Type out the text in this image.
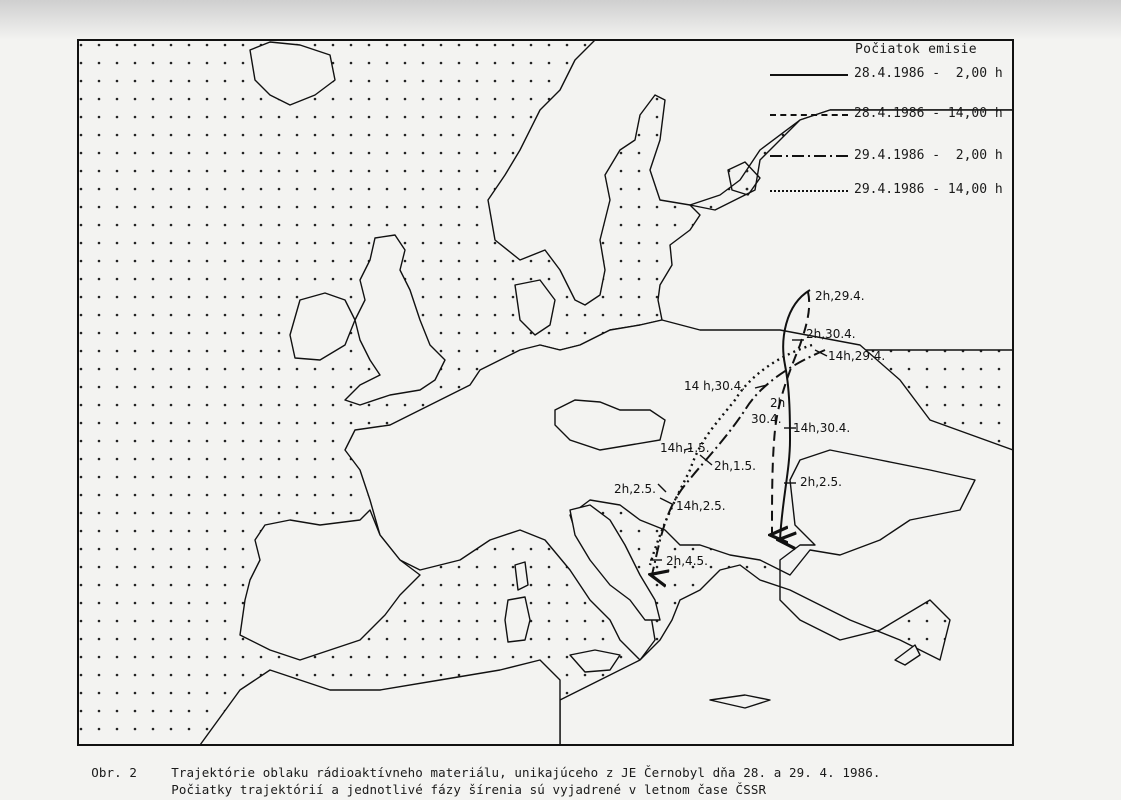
2h,29.4.
2h,30.4.
14h,29.4.
14 h,30.4.
2h
30.4.
14h,30.4.
14h,1.5.
2h,1.5.
2h,2.5.
14h,2.5.
2h,2.5.
2h,4.5.
Počiatok emisie
28.4.1986 -  2,00 h
28.4.1986 - 14,00 h
29.4.1986 -  2,00 h
29.4.1986 - 14,00 h

Obr. 2	Trajektórie oblaku rádioaktívneho materiálu, unikajúceho z JE Černobyl dňa 28. a 29. 4. 1986.

Počiatky trajektórií a jednotlivé fázy šírenia sú vyjadrené v letnom čase ČSSR
